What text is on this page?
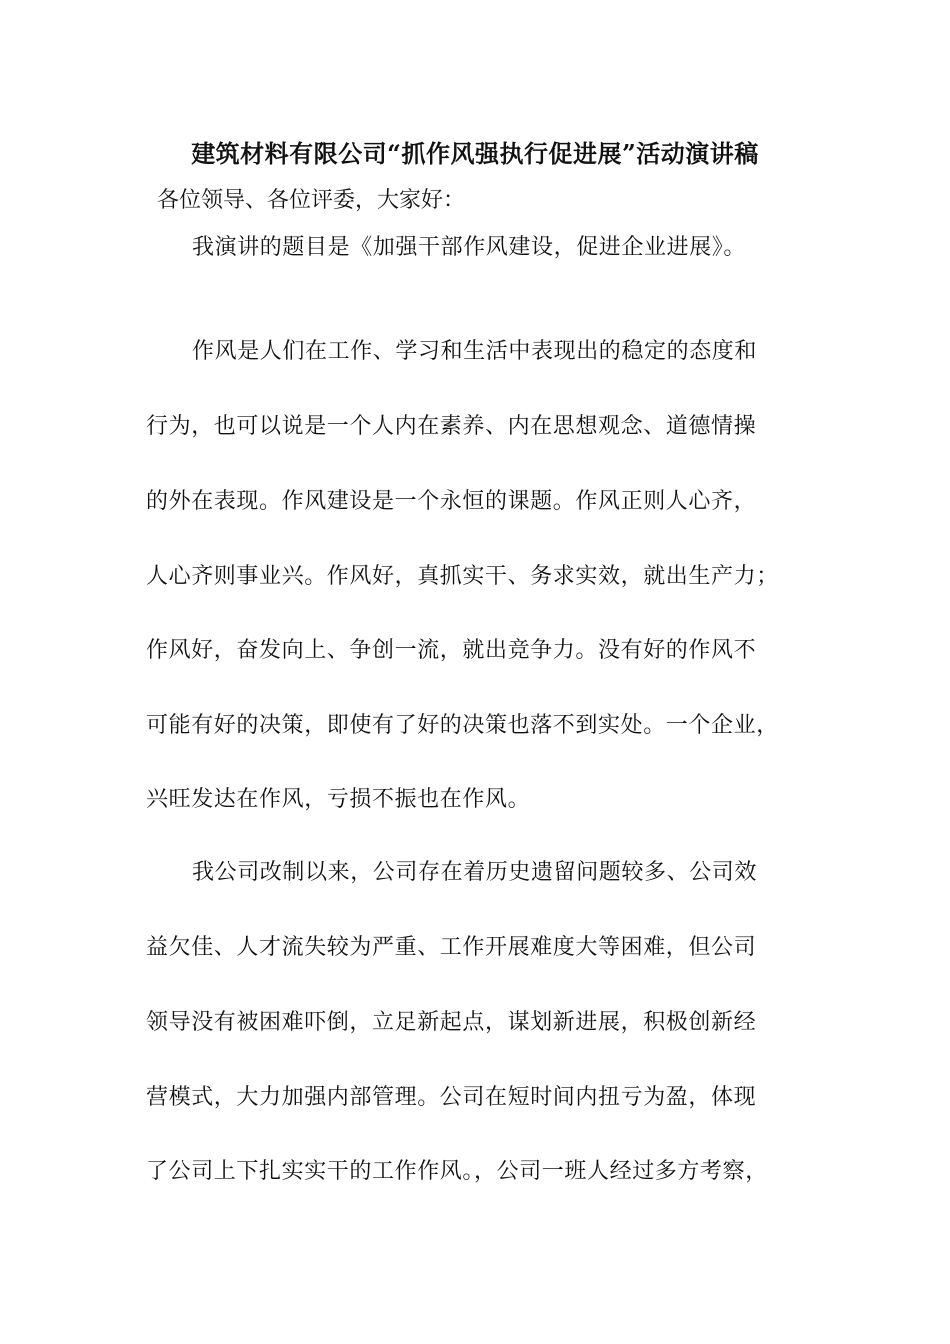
建筑材料有限公司“抓作风强执行促进展”活动演讲稿
各位领导、各位评委，大家好：
我演讲的题目是《加强干部作风建设，促进企业进展》。
作风是人们在工作、学习和生活中表现出的稳定的态度和
行为，也可以说是一个人内在素养、内在思想观念、道德情操
的外在表现。作风建设是一个永恒的课题。作风正则人心齐，
人心齐则事业兴。作风好，真抓实干、务求实效，就出生产力；
作风好，奋发向上、争创一流，就出竞争力。没有好的作风不
可能有好的决策，即使有了好的决策也落不到实处。一个企业，
兴旺发达在作风，亏损不振也在作风。
我公司改制以来，公司存在着历史遗留问题较多、公司效
益欠佳、人才流失较为严重、工作开展难度大等困难，但公司
领导没有被困难吓倒，立足新起点，谋划新进展，积极创新经
营模式，大力加强内部管理。公司在短时间内扭亏为盈，体现
了公司上下扎实实干的工作作风。，公司一班人经过多方考察，
